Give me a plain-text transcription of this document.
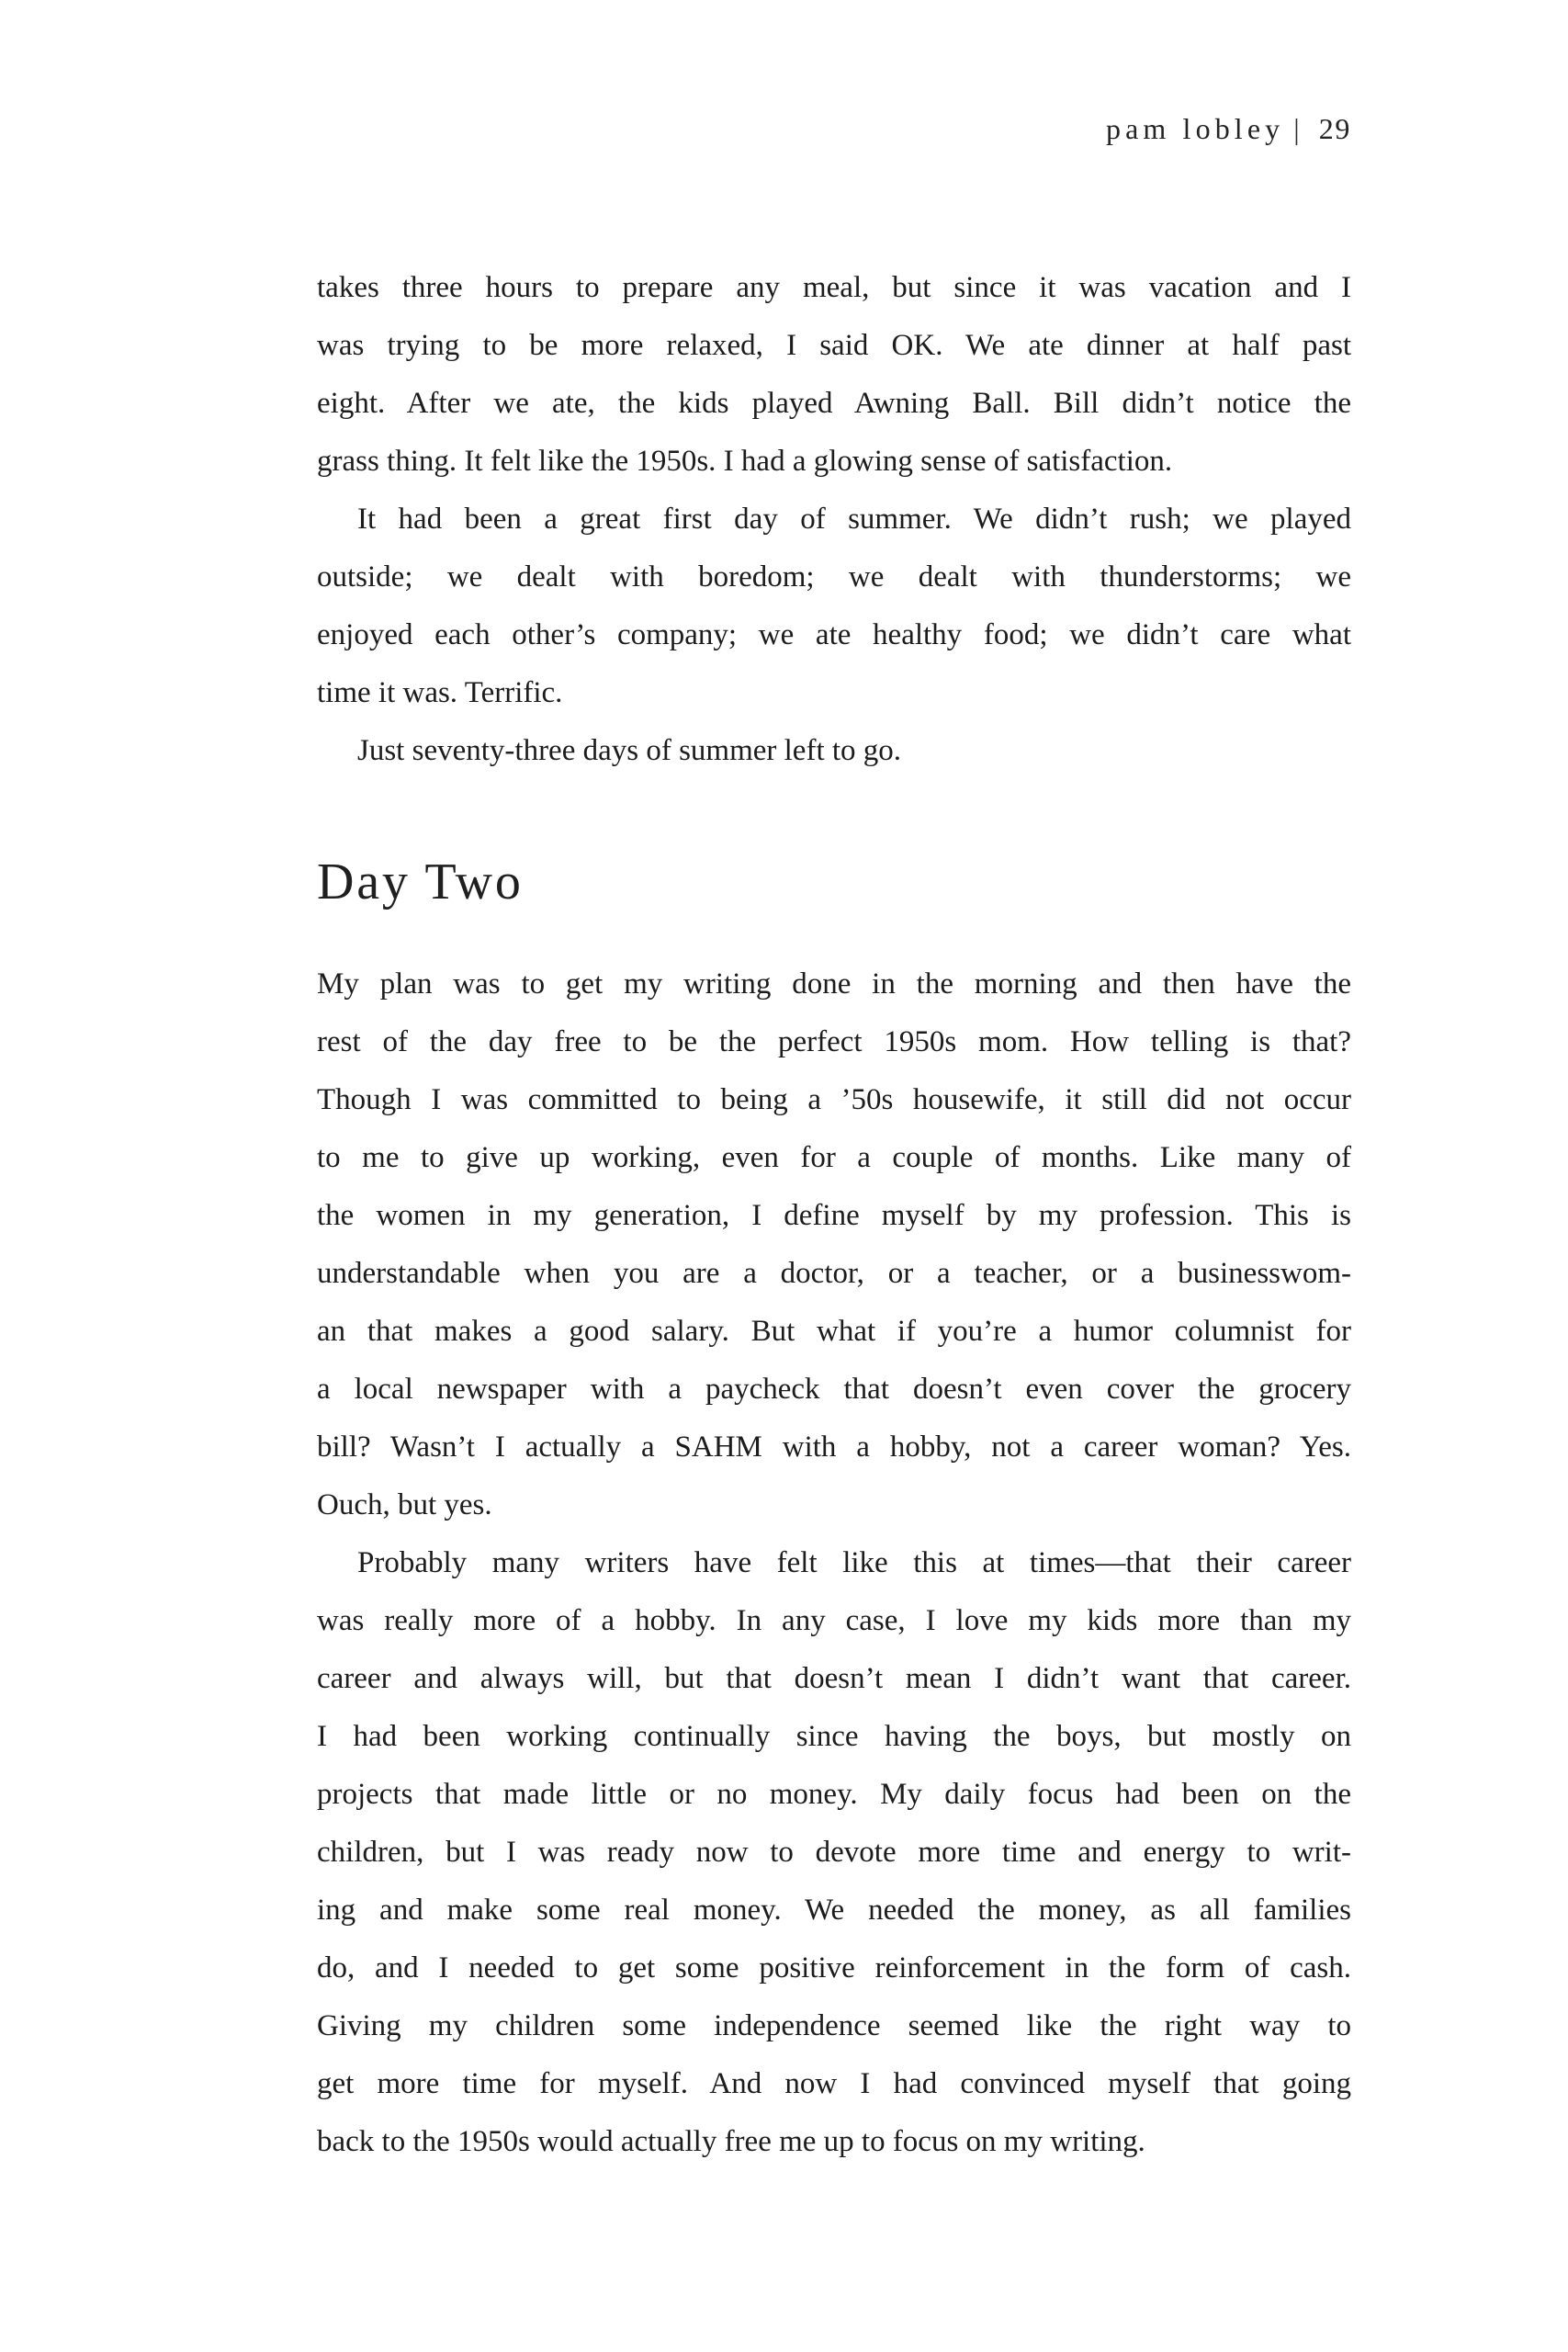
pam lobley | 29
takes three hours to prepare any meal, but since it was vacation and I
was trying to be more relaxed, I said OK. We ate dinner at half past
eight. After we ate, the kids played Awning Ball. Bill didn’t notice the
grass thing. It felt like the 1950s. I had a glowing sense of satisfaction.
It had been a great first day of summer. We didn’t rush; we played
outside; we dealt with boredom; we dealt with thunderstorms; we
enjoyed each other’s company; we ate healthy food; we didn’t care what
time it was. Terrific.
Just seventy-three days of summer left to go.
Day Two
My plan was to get my writing done in the morning and then have the
rest of the day free to be the perfect 1950s mom. How telling is that?
Though I was committed to being a ’50s housewife, it still did not occur
to me to give up working, even for a couple of months. Like many of
the women in my generation, I define myself by my profession. This is
understandable when you are a doctor, or a teacher, or a businesswom-
an that makes a good salary. But what if you’re a humor columnist for
a local newspaper with a paycheck that doesn’t even cover the grocery
bill? Wasn’t I actually a SAHM with a hobby, not a career woman? Yes.
Ouch, but yes.
Probably many writers have felt like this at times—that their career
was really more of a hobby. In any case, I love my kids more than my
career and always will, but that doesn’t mean I didn’t want that career.
I had been working continually since having the boys, but mostly on
projects that made little or no money. My daily focus had been on the
children, but I was ready now to devote more time and energy to writ-
ing and make some real money. We needed the money, as all families
do, and I needed to get some positive reinforcement in the form of cash.
Giving my children some independence seemed like the right way to
get more time for myself. And now I had convinced myself that going
back to the 1950s would actually free me up to focus on my writing.
